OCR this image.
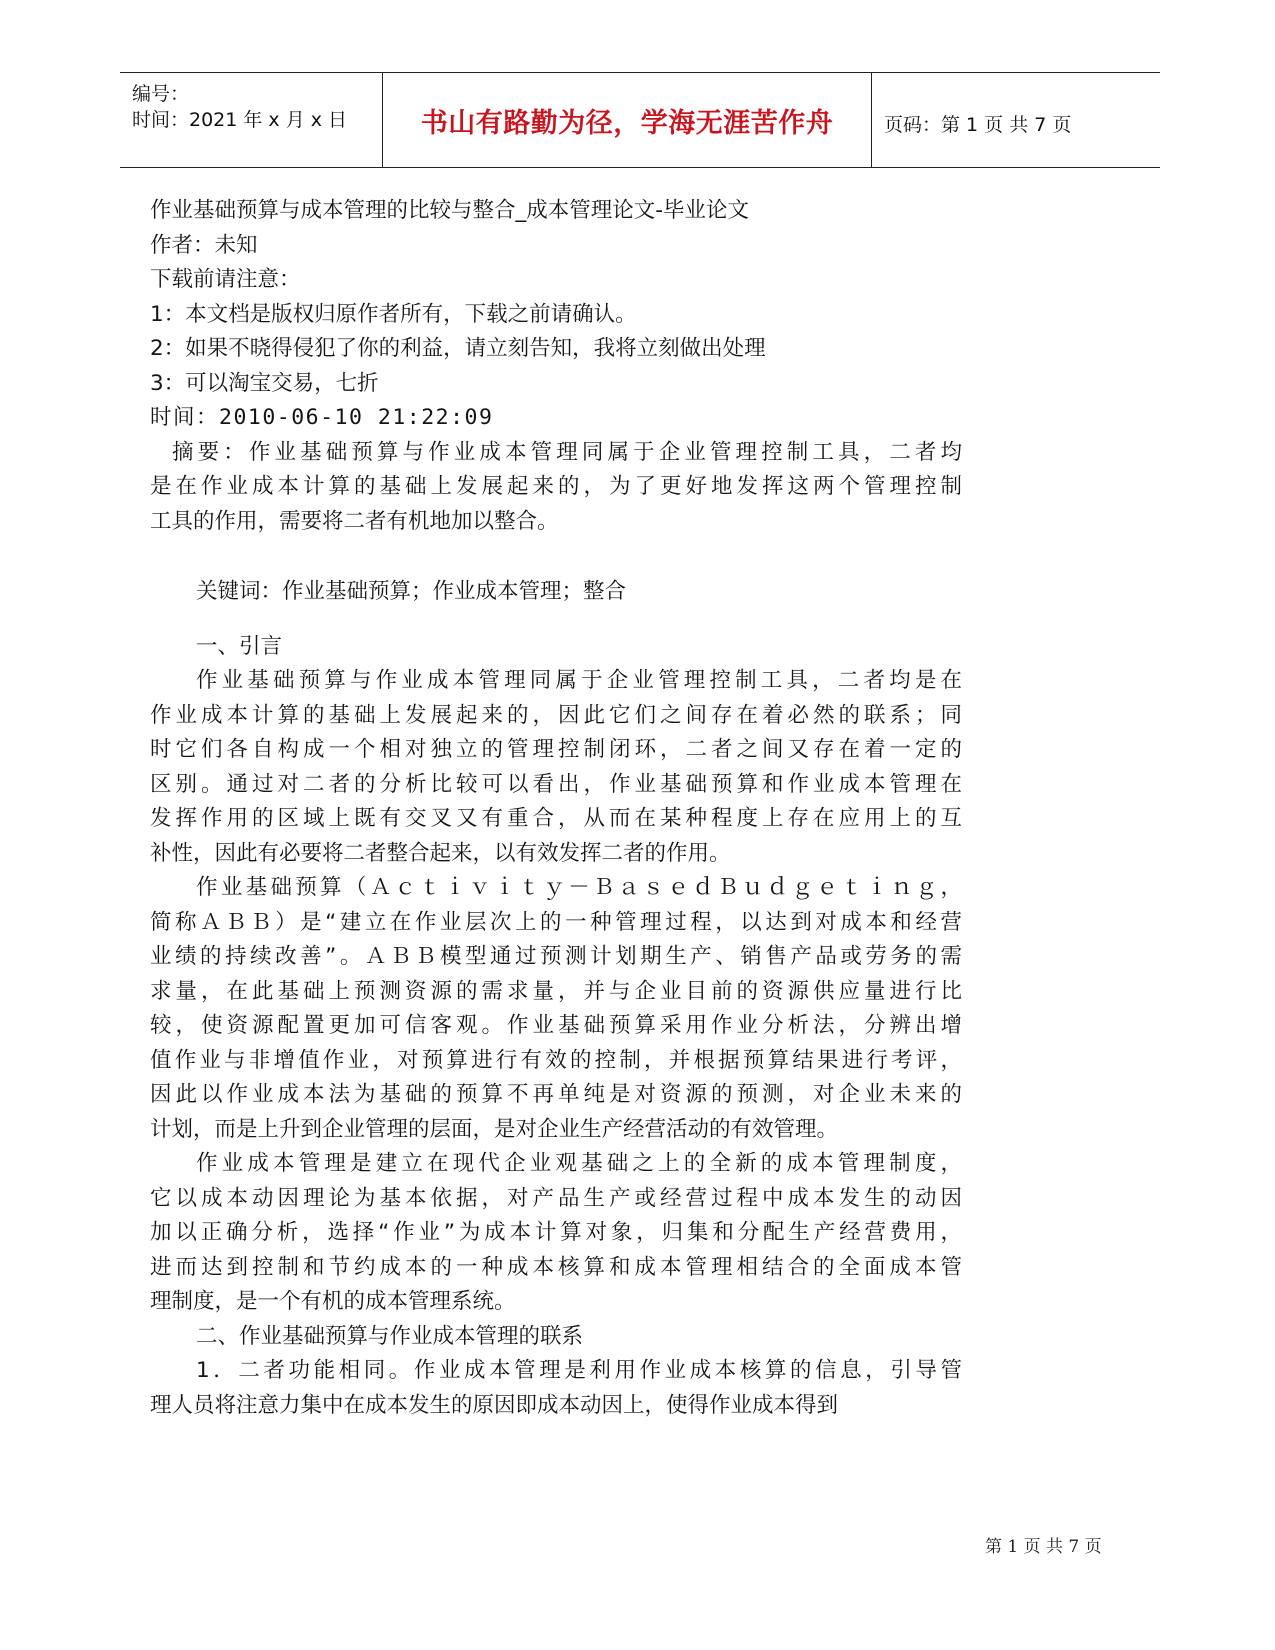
编号：
时间：2021 年 x 月 x 日	书山有路勤为径，学海无涯苦作舟	页码：第 1 页 共 7 页
作业基础预算与成本管理的比较与整合_成本管理论文-毕业论文
作者：未知
下载前请注意：
1：本文档是版权归原作者所有，下载之前请确认。
2：如果不晓得侵犯了你的利益，请立刻告知，我将立刻做出处理
3：可以淘宝交易，七折
时间：2010-06-10 21:22:09
摘要：作业基础预算与作业成本管理同属于企业管理控制工具，二者均
是在作业成本计算的基础上发展起来的，为了更好地发挥这两个管理控制
工具的作用，需要将二者有机地加以整合。
关键词：作业基础预算；作业成本管理；整合
一、引言
作业基础预算与作业成本管理同属于企业管理控制工具，二者均是在
作业成本计算的基础上发展起来的，因此它们之间存在着必然的联系；同
时它们各自构成一个相对独立的管理控制闭环，二者之间又存在着一定的
区别。通过对二者的分析比较可以看出，作业基础预算和作业成本管理在
发挥作用的区域上既有交叉又有重合，从而在某种程度上存在应用上的互
补性，因此有必要将二者整合起来，以有效发挥二者的作用。
作业基础预算（Ａｃｔｉｖｉｔｙ－ＢａｓｅｄＢｕｄｇｅｔｉｎｇ，
简称ＡＢＢ）是“建立在作业层次上的一种管理过程，以达到对成本和经营
业绩的持续改善”。ＡＢＢ模型通过预测计划期生产、销售产品或劳务的需
求量，在此基础上预测资源的需求量，并与企业目前的资源供应量进行比
较，使资源配置更加可信客观。作业基础预算采用作业分析法，分辨出增
值作业与非增值作业，对预算进行有效的控制，并根据预算结果进行考评，
因此以作业成本法为基础的预算不再单纯是对资源的预测，对企业未来的
计划，而是上升到企业管理的层面，是对企业生产经营活动的有效管理。
作业成本管理是建立在现代企业观基础之上的全新的成本管理制度，
它以成本动因理论为基本依据，对产品生产或经营过程中成本发生的动因
加以正确分析，选择“作业”为成本计算对象，归集和分配生产经营费用，
进而达到控制和节约成本的一种成本核算和成本管理相结合的全面成本管
理制度，是一个有机的成本管理系统。
二、作业基础预算与作业成本管理的联系
1．二者功能相同。作业成本管理是利用作业成本核算的信息，引导管
理人员将注意力集中在成本发生的原因即成本动因上，使得作业成本得到
第 1 页 共 7 页
